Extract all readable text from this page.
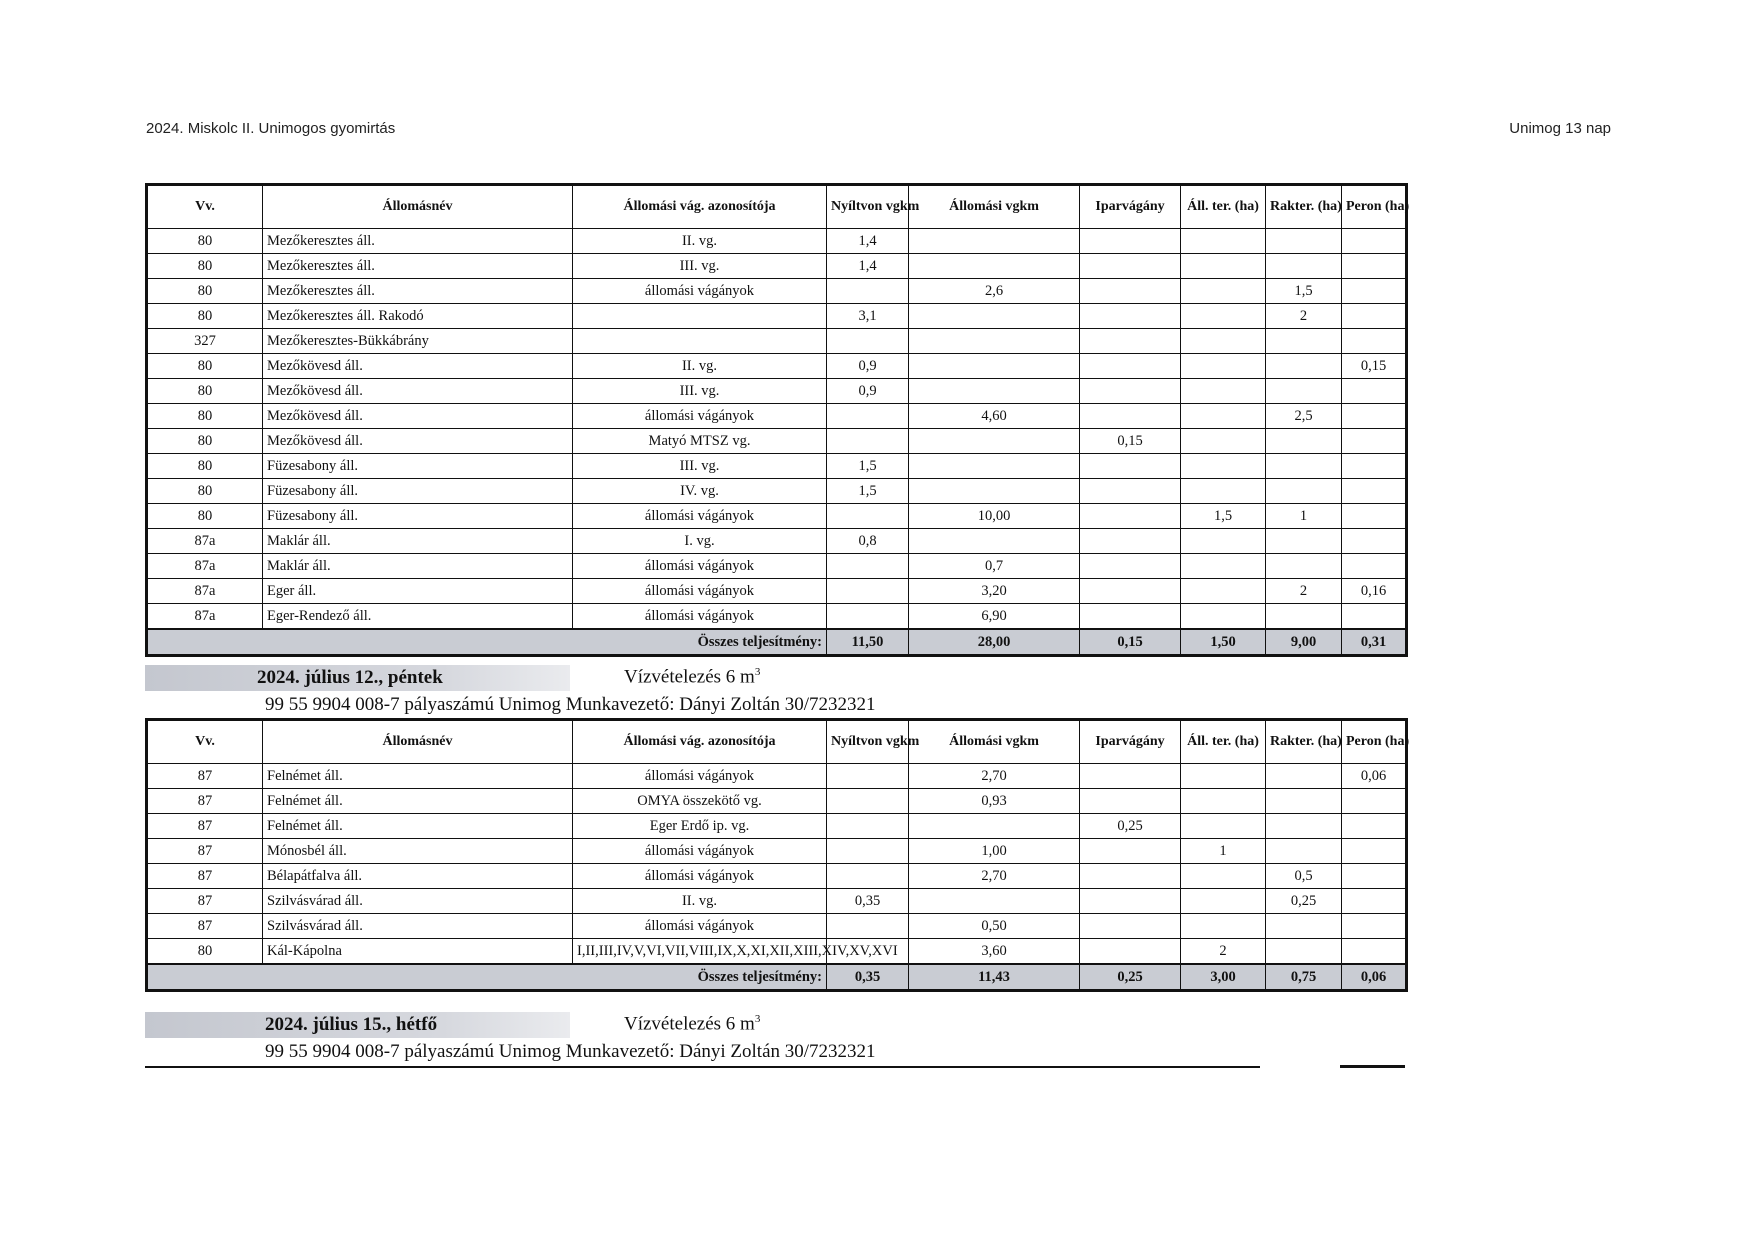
2024. Miskolc II. Unimogos gyomirtás	Unimog 13 nap
Vv.	Állomásnév	Állomási vág. azonosítója	Nyíltvon vgkm	Állomási vgkm	Iparvágány	Áll. ter. (ha)	Rakter. (ha)	Peron (ha)
80	Mezőkeresztes áll.	II. vg.	1,4					
80	Mezőkeresztes áll.	III. vg.	1,4					
80	Mezőkeresztes áll.	állomási vágányok		2,6			1,5	
80	Mezőkeresztes áll. Rakodó		3,1				2	
327	Mezőkeresztes-Bükkábrány							
80	Mezőkövesd áll.	II. vg.	0,9					0,15
80	Mezőkövesd áll.	III. vg.	0,9					
80	Mezőkövesd áll.	állomási vágányok		4,60			2,5	
80	Mezőkövesd áll.	Matyó MTSZ vg.			0,15			
80	Füzesabony áll.	III. vg.	1,5					
80	Füzesabony áll.	IV. vg.	1,5					
80	Füzesabony áll.	állomási vágányok		10,00		1,5	1	
87a	Maklár áll.	I. vg.	0,8					
87a	Maklár áll.	állomási vágányok		0,7				
87a	Eger áll.	állomási vágányok		3,20			2	0,16
87a	Eger-Rendező áll.	állomási vágányok		6,90				
Összes teljesítmény:			11,50	28,00	0,15	1,50	9,00	0,31
2024. július 12., péntek	Vízvételezés 6 $m^3$
99 55 9904 008-7 pályaszámú Unimog Munkavezető: Dányi Zoltán 30/7232321
Vv.	Állomásnév	Állomási vág. azonosítója	Nyíltvon vgkm	Állomási vgkm	Iparvágány	Áll. ter. (ha)	Rakter. (ha)	Peron (ha)
87	Felnémet áll.	állomási vágányok		2,70				0,06
87	Felnémet áll.	OMYA összekötő vg.		0,93				
87	Felnémet áll.	Eger Erdő ip. vg.			0,25			
87	Mónosbél áll.	állomási vágányok		1,00		1		
87	Bélapátfalva áll.	állomási vágányok		2,70			0,5	
87	Szilvásvárad áll.	II. vg.	0,35				0,25	
87	Szilvásvárad áll.	állomási vágányok		0,50				
80	Kál-Kápolna	I,II,III,IV,V,VI,VII,VIII,IX,X,XI,XII,XIII,XIV,XV,XVI		3,60		2		
Összes teljesítmény:			0,35	11,43	0,25	3,00	0,75	0,06
2024. július 15., hétfő	Vízvételezés 6 $m^3$
99 55 9904 008-7 pályaszámú Unimog Munkavezető: Dányi Zoltán 30/7232321
